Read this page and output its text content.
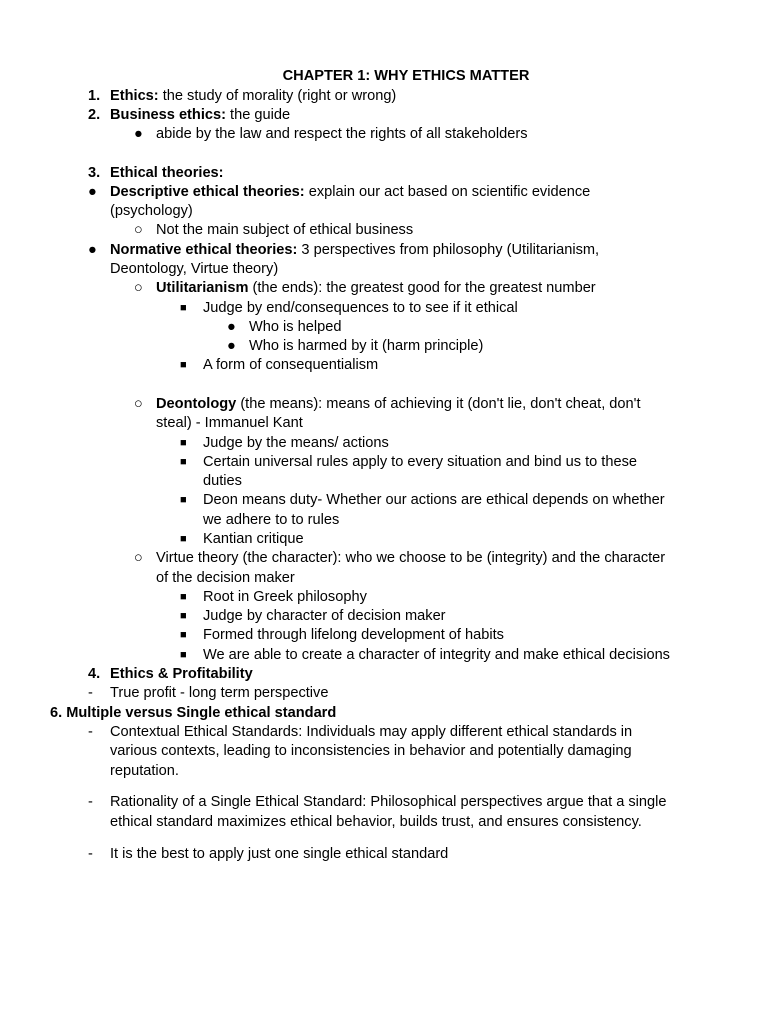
CHAPTER 1: WHY ETHICS MATTER
1. Ethics: the study of morality (right or wrong)
2. Business ethics: the guide
● abide by the law and respect the rights of all stakeholders
3. Ethical theories:
● Descriptive ethical theories: explain our act based on scientific evidence
(psychology)
○ Not the main subject of ethical business
● Normative ethical theories: 3 perspectives from philosophy (Utilitarianism,
Deontology, Virtue theory)
○ Utilitarianism (the ends): the greatest good for the greatest number
■ Judge by end/consequences to to see if it ethical
● Who is helped
● Who is harmed by it (harm principle)
■ A form of consequentialism
○ Deontology (the means): means of achieving it (don't lie, don't cheat, don't
steal) - Immanuel Kant
■ Judge by the means/ actions
■ Certain universal rules apply to every situation and bind us to these
duties
■ Deon means duty- Whether our actions are ethical depends on whether
we adhere to to rules
■ Kantian critique
○ Virtue theory (the character): who we choose to be (integrity) and the character
of the decision maker
■ Root in Greek philosophy
■ Judge by character of decision maker
■ Formed through lifelong development of habits
■ We are able to create a character of integrity and make ethical decisions
4. Ethics & Profitability
- True profit - long term perspective
6. Multiple versus Single ethical standard
- Contextual Ethical Standards: Individuals may apply different ethical standards in
various contexts, leading to inconsistencies in behavior and potentially damaging
reputation.
- Rationality of a Single Ethical Standard: Philosophical perspectives argue that a single
ethical standard maximizes ethical behavior, builds trust, and ensures consistency.
- It is the best to apply just one single ethical standard
